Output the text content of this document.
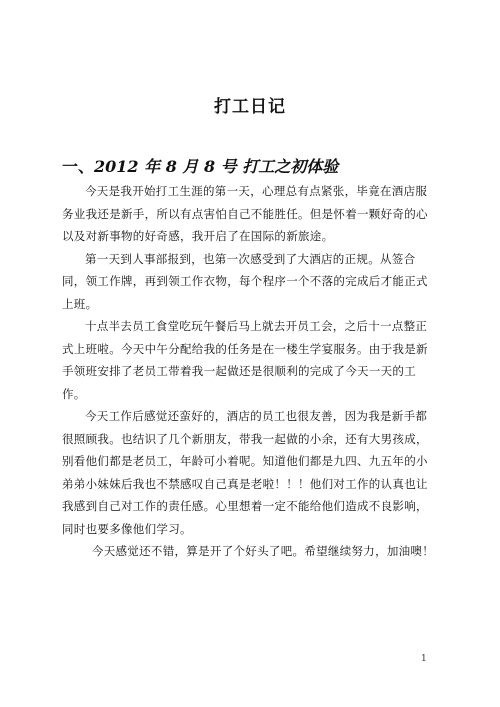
打工日记
一、2012 年 8 月 8 号 打工之初体验

今天是我开始打工生涯的第一天，心理总有点紧张，毕竟在酒店服务业我还是新手，所以有点害怕自己不能胜任。但是怀着一颗好奇的心以及对新事物的好奇感，我开启了在国际的新旅途。

第一天到人事部报到，也第一次感受到了大酒店的正规。从签合同，领工作牌，再到领工作衣物，每个程序一个不落的完成后才能正式上班。

十点半去员工食堂吃玩午餐后马上就去开员工会，之后十一点整正式上班啦。今天中午分配给我的任务是在一楼生学宴服务。由于我是新手领班安排了老员工带着我一起做还是很顺利的完成了今天一天的工作。

今天工作后感觉还蛮好的，酒店的员工也很友善，因为我是新手都很照顾我。也结识了几个新朋友，带我一起做的小余，还有大男孩成，别看他们都是老员工，年龄可小着呢。知道他们都是九四、九五年的小弟弟小妹妹后我也不禁感叹自己真是老啦！！！他们对工作的认真也让我感到自己对工作的责任感。心里想着一定不能给他们造成不良影响，同时也要多像他们学习。

今天感觉还不错，算是开了个好头了吧。希望继续努力，加油噢！

1
